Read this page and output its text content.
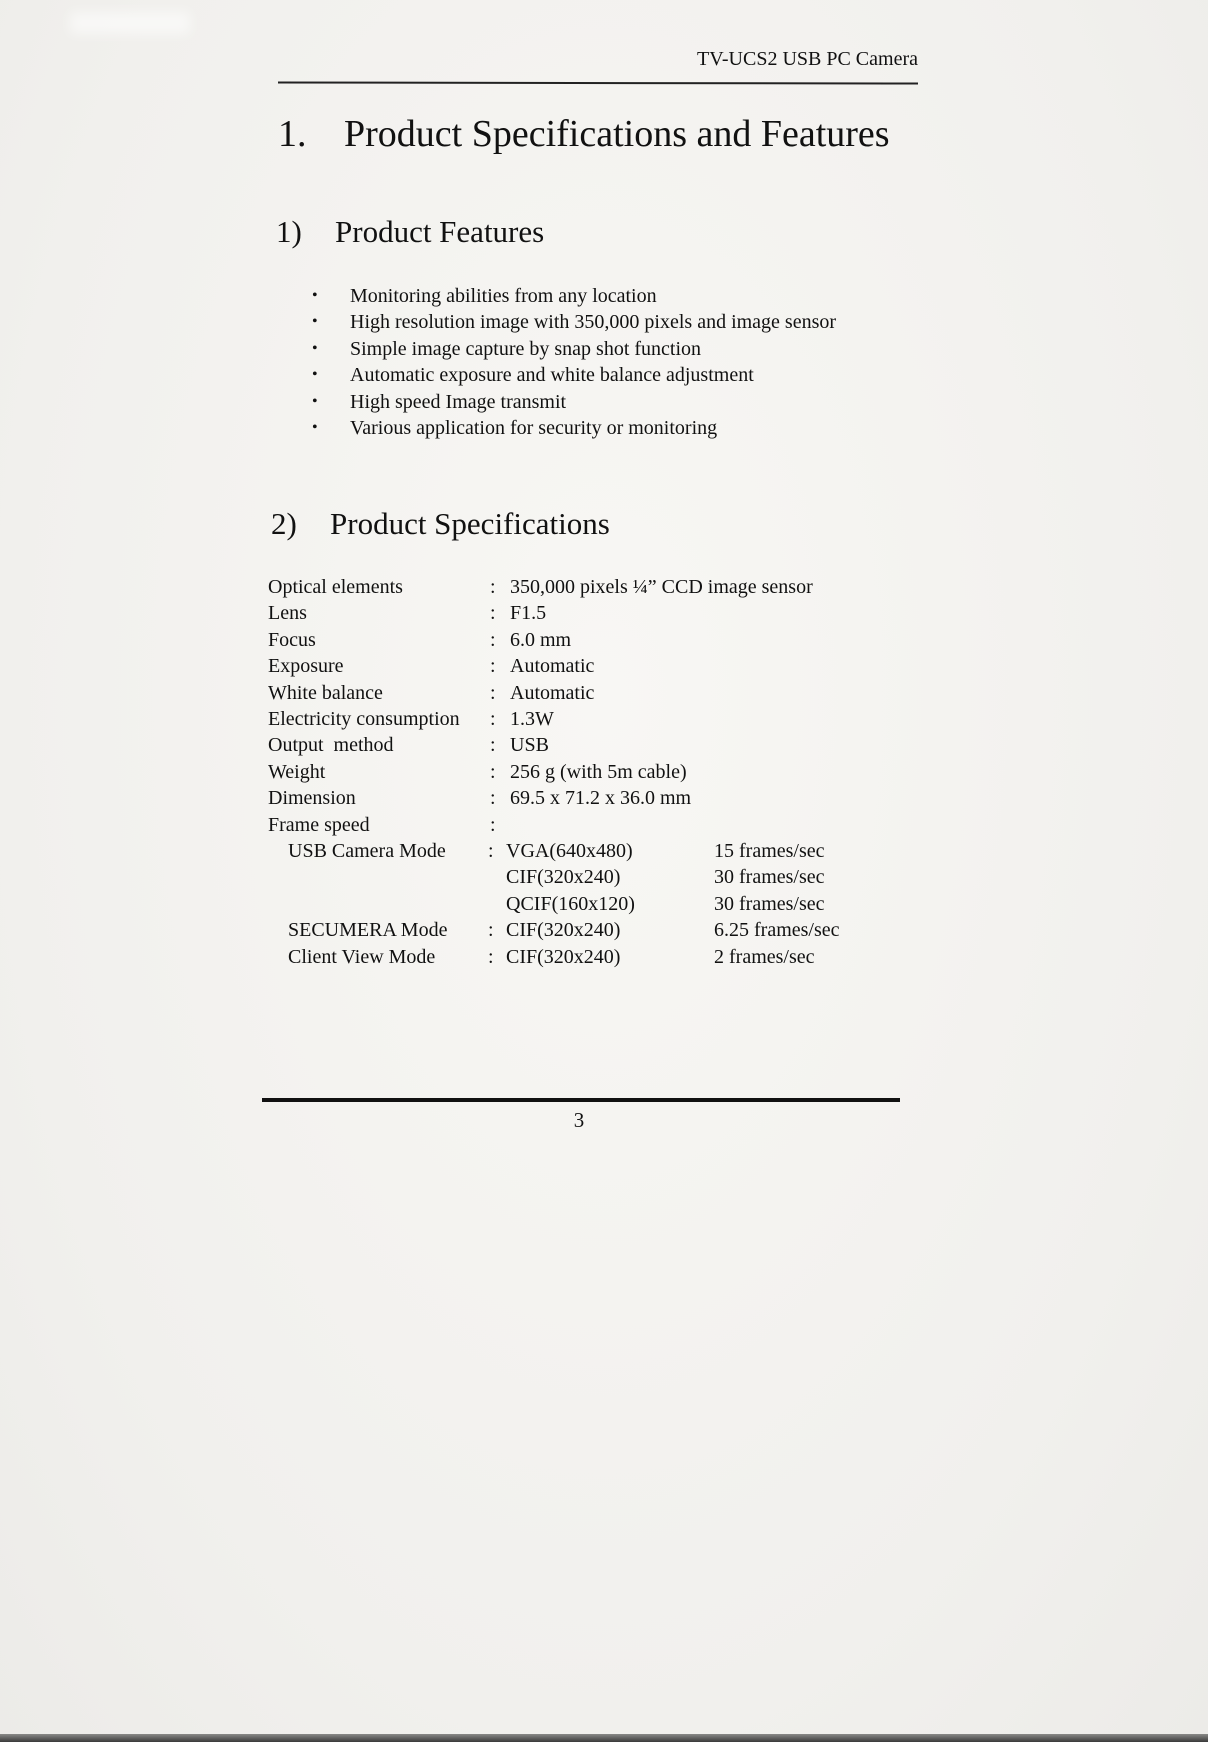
TV-UCS2 USB PC Camera
1. Product Specifications and Features
1) Product Features
•	Monitoring abilities from any location
•	High resolution image with 350,000 pixels and image sensor
•	Simple image capture by snap shot function
•	Automatic exposure and white balance adjustment
•	High speed Image transmit
•	Various application for security or monitoring
2) Product Specifications
Optical elements	: 350,000 pixels ¼” CCD image sensor
Lens	: F1.5
Focus	: 6.0 mm
Exposure	: Automatic
White balance	: Automatic
Electricity consumption : 1.3W
Output  method	: USB
Weight	: 256 g (with 5m cable)
Dimension	: 69.5 x 71.2 x 36.0 mm
Frame speed	:
USB Camera Mode : VGA(640x480)	15 frames/sec
CIF(320x240)	30 frames/sec
QCIF(160x120)	30 frames/sec
SECUMERA Mode : CIF(320x240)	6.25 frames/sec
Client View Mode	: CIF(320x240)	2 frames/sec
3
